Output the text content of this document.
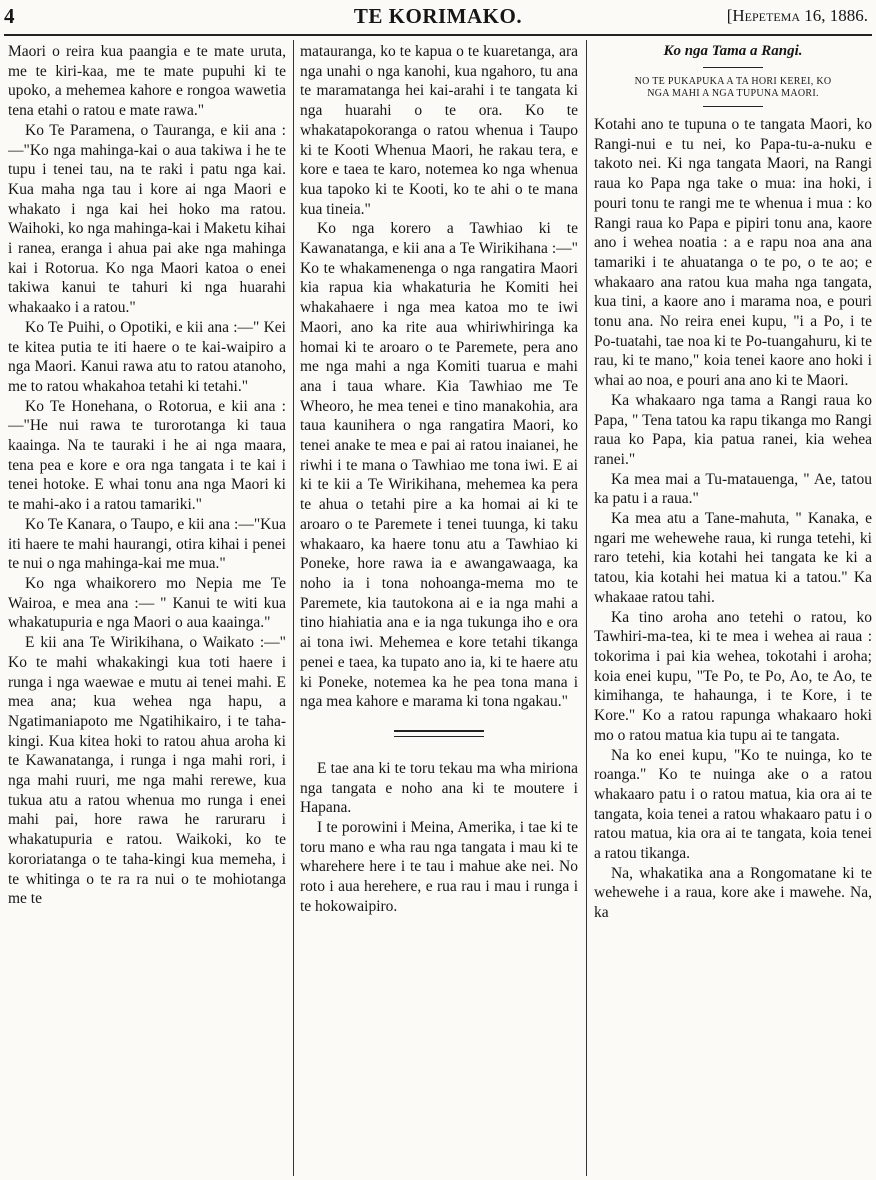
4	TE KORIMAKO.	[Hepetema 16, 1886.

Maori o reira kua paangia e te mate uruta, me te kiri-kaa, me te mate pupuhi ki te upoko, a mehemea kahore e rongoa wawetia tena etahi o ratou e mate rawa."

Ko Te Paramena, o Tauranga, e kii ana :—"Ko nga mahinga-kai o aua takiwa i he te tupu i tenei tau, na te raki i patu nga kai. Kua maha nga tau i kore ai nga Maori e whakato i nga kai hei hoko ma ratou. Waihoki, ko nga mahinga-kai i Maketu kihai i ranea, eranga i ahua pai ake nga mahinga kai i Rotorua. Ko nga Maori katoa o enei takiwa kanui te tahuri ki nga huarahi whakaako i a ratou."

Ko Te Puihi, o Opotiki, e kii ana :—" Kei te kitea putia te iti haere o te kai-waipiro a nga Maori. Kanui rawa atu to ratou atanoho, me to ratou whakahoa tetahi ki tetahi."

Ko Te Honehana, o Rotorua, e kii ana :—"He nui rawa te turorotanga ki taua kaainga. Na te tauraki i he ai nga maara, tena pea e kore e ora nga tangata i te kai i tenei hotoke. E whai tonu ana nga Maori ki te mahi-ako i a ratou tamariki."

Ko Te Kanara, o Taupo, e kii ana :—"Kua iti haere te mahi haurangi, otira kihai i penei te nui o nga mahinga-kai me mua."

Ko nga whaikorero mo Nepia me Te Wairoa, e mea ana :— " Kanui te witi kua whakatupuria e nga Maori o aua kaainga."

E kii ana Te Wirikihana, o Waikato :—" Ko te mahi whakakingi kua toti haere i runga i nga waewae e mutu ai tenei mahi. E mea ana; kua wehea nga hapu, a Ngatimaniapoto me Ngatihikairo, i te taha-kingi. Kua kitea hoki to ratou ahua aroha ki te Kawanatanga, i runga i nga mahi rori, i nga mahi ruuri, me nga mahi rerewe, kua tukua atu a ratou whenua mo runga i enei mahi pai, hore rawa he raruraru i whakatupuria e ratou. Waikoki, ko te kororiatanga o te taha-kingi kua memeha, i te whitinga o te ra ra nui o te mohiotanga me te

matauranga, ko te kapua o te kuaretanga, ara nga unahi o nga kanohi, kua ngahoro, tu ana te maramatanga hei kai-arahi i te tangata ki nga huarahi o te ora. Ko te whakatapokoranga o ratou whenua i Taupo ki te Kooti Whenua Maori, he rakau tera, e kore e taea te karo, notemea ko nga whenua kua tapoko ki te Kooti, ko te ahi o te mana kua tineia."

Ko nga korero a Tawhiao ki te Kawanatanga, e kii ana a Te Wirikihana :—" Ko te whakamenenga o nga rangatira Maori kia rapua kia whakaturia he Komiti hei whakahaere i nga mea katoa mo te iwi Maori, ano ka rite aua whiriwhiringa ka homai ki te aroaro o te Paremete, pera ano me nga mahi a nga Komiti tuarua e mahi ana i taua whare. Kia Tawhiao me Te Wheoro, he mea tenei e tino manakohia, ara taua kaunihera o nga rangatira Maori, ko tenei anake te mea e pai ai ratou inaianei, he riwhi i te mana o Tawhiao me tona iwi. E ai ki te kii a Te Wirikihana, mehemea ka pera te ahua o tetahi pire a ka homai ai ki te aroaro o te Paremete i tenei tuunga, ki taku whakaaro, ka haere tonu atu a Tawhiao ki Poneke, hore rawa ia e awangawaaga, ka noho ia i tona nohoanga-mema mo te Paremete, kia tautokona ai e ia nga mahi a tino hiahiatia ana e ia nga tukunga iho e ora ai tona iwi. Mehemea e kore tetahi tikanga penei e taea, ka tupato ano ia, ki te haere atu ki Poneke, notemea ka he pea tona mana i nga mea kahore e marama ki tona ngakau."

E tae ana ki te toru tekau ma wha miriona nga tangata e noho ana ki te moutere i Hapana.

I te porowini i Meina, Amerika, i tae ki te toru mano e wha rau nga tangata i mau ki te wharehere here i te tau i mahue ake nei. No roto i aua herehere, e rua rau i mau i runga i te hokowaipiro.

Ko nga Tama a Rangi.
NO TE PUKAPUKA A TA HORI KEREI, KO
NGA MAHI A NGA TUPUNA MAORI.

Kotahi ano te tupuna o te tangata Maori, ko Rangi-nui e tu nei, ko Papa-tu-a-nuku e takoto nei. Ki nga tangata Maori, na Rangi raua ko Papa nga take o mua: ina hoki, i pouri tonu te rangi me te whenua i mua : ko Rangi raua ko Papa e pipiri tonu ana, kaore ano i wehea noatia : a e rapu noa ana ana tamariki i te ahuatanga o te po, o te ao; e whakaaro ana ratou kua maha nga tangata, kua tini, a kaore ano i marama noa, e pouri tonu ana. No reira enei kupu, "i a Po, i te Po-tuatahi, tae noa ki te Po-tuangahuru, ki te rau, ki te mano," koia tenei kaore ano hoki i whai ao noa, e pouri ana ano ki te Maori.

Ka whakaaro nga tama a Rangi raua ko Papa, " Tena tatou ka rapu tikanga mo Rangi raua ko Papa, kia patua ranei, kia wehea ranei."

Ka mea mai a Tu-matauenga, " Ae, tatou ka patu i a raua."

Ka mea atu a Tane-mahuta, " Kanaka, e ngari me wehewehe raua, ki runga tetehi, ki raro tetehi, kia kotahi hei tangata ke ki a tatou, kia kotahi hei matua ki a tatou." Ka whakaae ratou tahi.

Ka tino aroha ano tetehi o ratou, ko Tawhiri-ma-tea, ki te mea i wehea ai raua : tokorima i pai kia wehea, tokotahi i aroha; koia enei kupu, "Te Po, te Po, Ao, te Ao, te kimihanga, te hahaunga, i te Kore, i te Kore." Ko a ratou rapunga whakaaro hoki mo o ratou matua kia tupu ai te tangata.

Na ko enei kupu, "Ko te nuinga, ko te roanga." Ko te nuinga ake o a ratou whakaaro patu i o ratou matua, kia ora ai te tangata, koia tenei a ratou whakaaro patu i o ratou matua, kia ora ai te tangata, koia tenei a ratou tikanga.

Na, whakatika ana a Rongomatane ki te wehewehe i a raua, kore ake i mawehe. Na, ka
